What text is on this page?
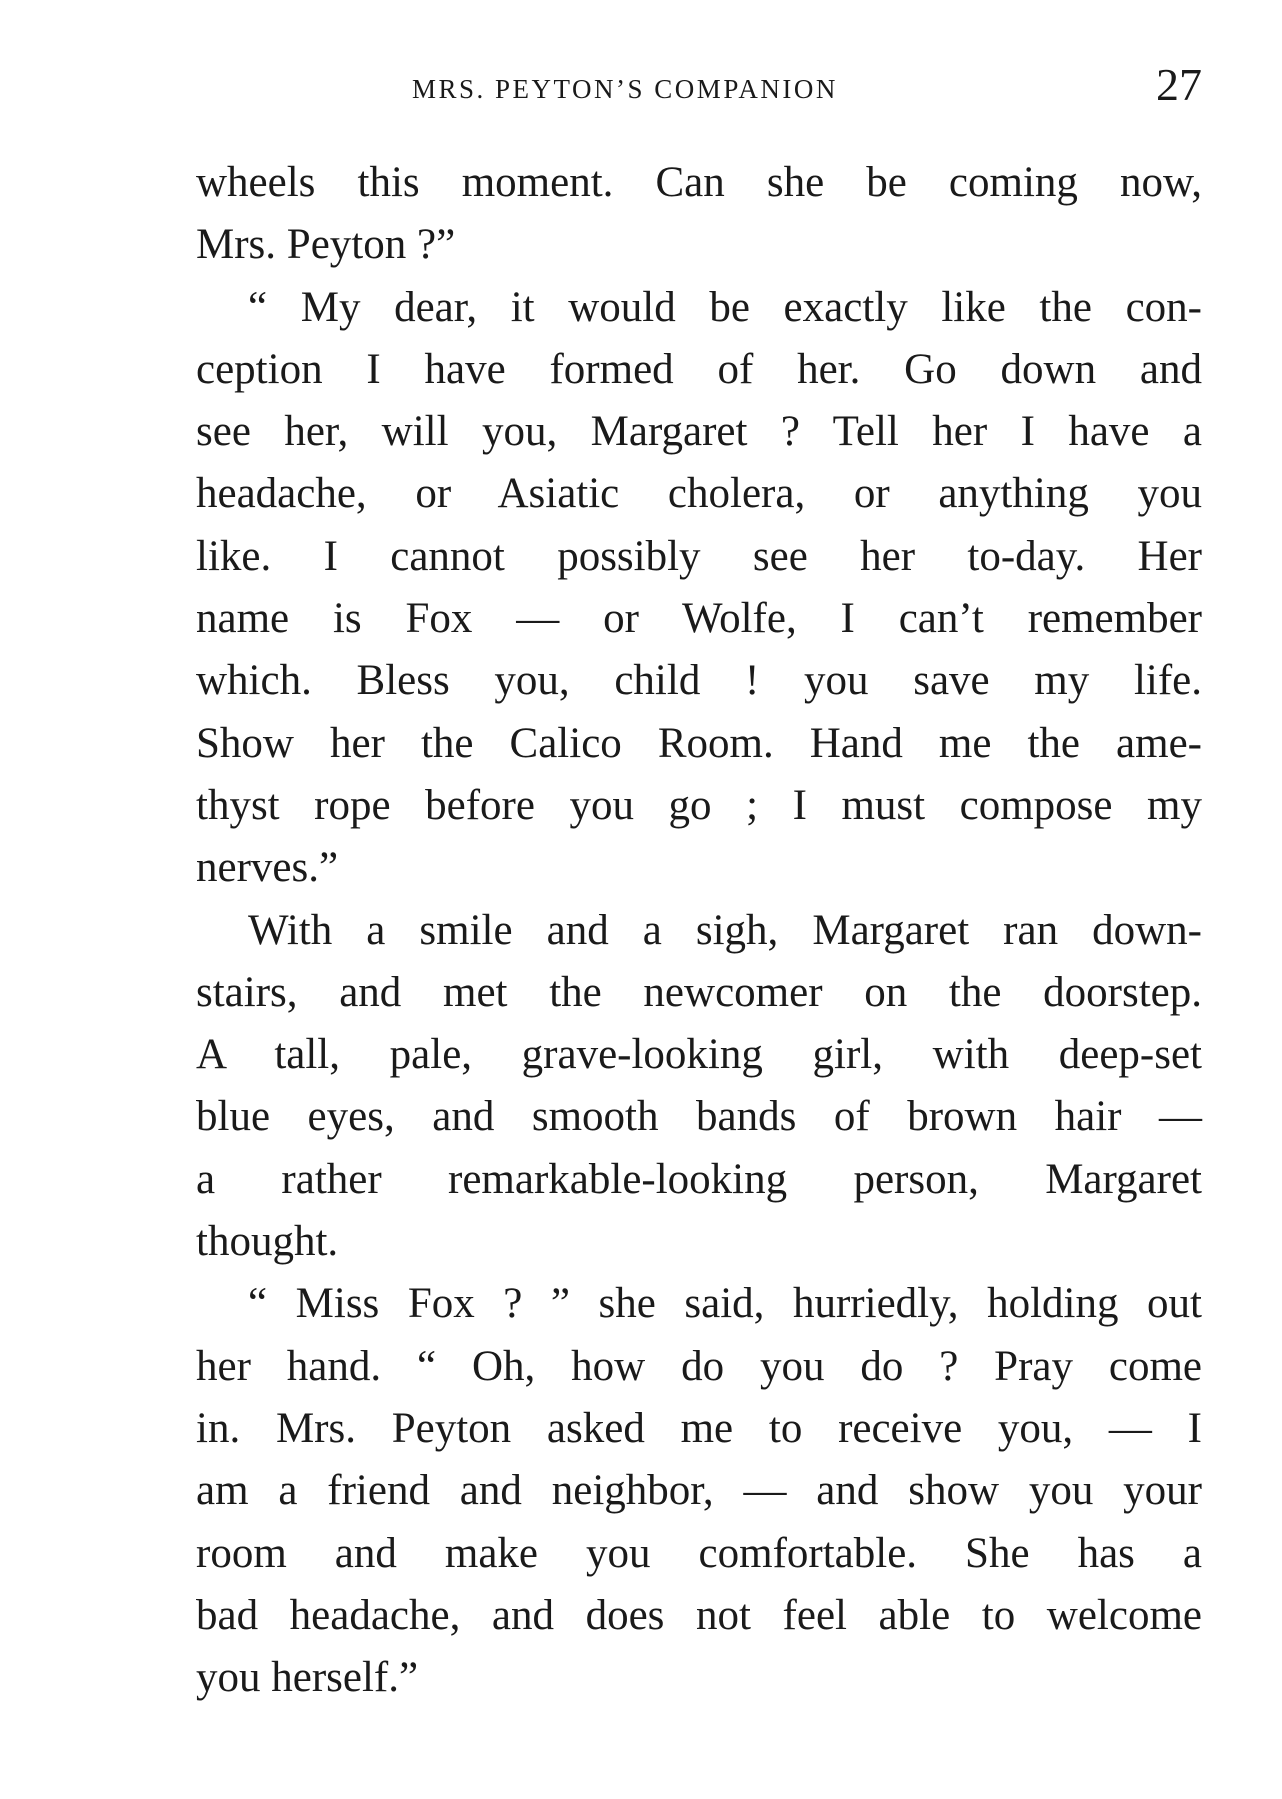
MRS. PEYTON’S COMPANION	27
wheels this moment. Can she be coming now,
Mrs. Peyton ?”
“ My dear, it would be exactly like the con-
ception I have formed of her. Go down and
see her, will you, Margaret ? Tell her I have a
headache, or Asiatic cholera, or anything you
like. I cannot possibly see her to-day. Her
name is Fox — or Wolfe, I can’t remember
which. Bless you, child ! you save my life.
Show her the Calico Room. Hand me the ame-
thyst rope before you go ; I must compose my
nerves.”
With a smile and a sigh, Margaret ran down-
stairs, and met the newcomer on the doorstep.
A tall, pale, grave-looking girl, with deep-set
blue eyes, and smooth bands of brown hair —
a rather remarkable-looking person, Margaret
thought.
“ Miss Fox ? ” she said, hurriedly, holding out
her hand. “ Oh, how do you do ? Pray come
in. Mrs. Peyton asked me to receive you, — I
am a friend and neighbor, — and show you your
room and make you comfortable. She has a
bad headache, and does not feel able to welcome
you herself.”
